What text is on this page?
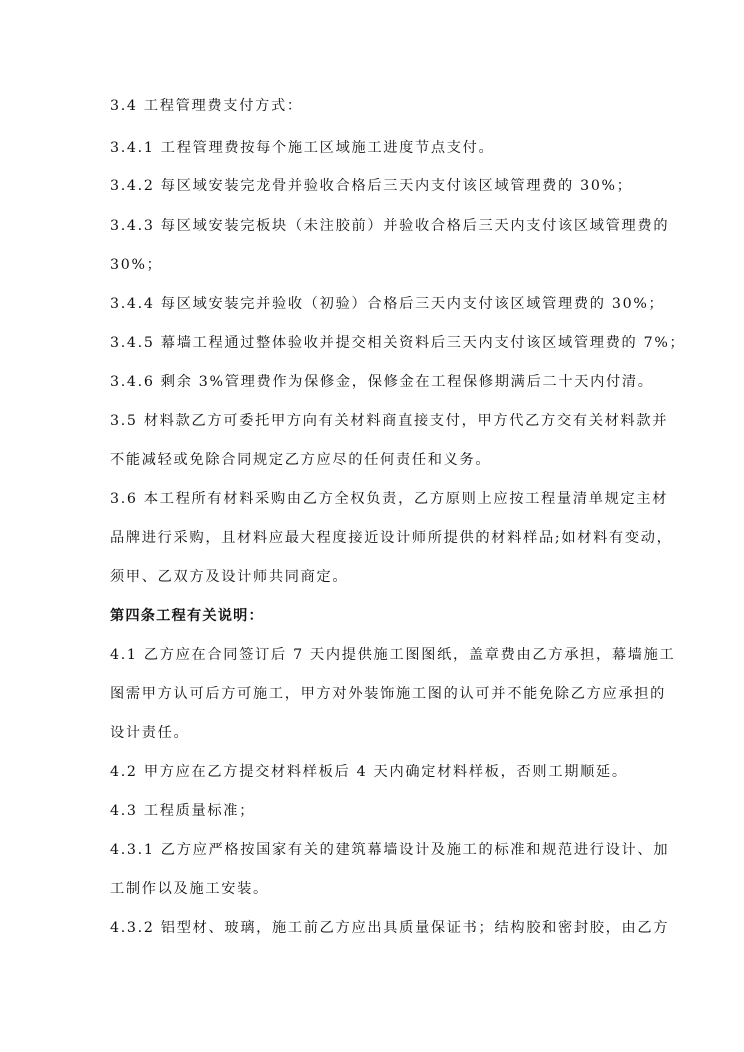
3.4 工程管理费支付方式：
3.4.1 工程管理费按每个施工区域施工进度节点支付。
3.4.2 每区域安装完龙骨并验收合格后三天内支付该区域管理费的 30%；
3.4.3 每区域安装完板块（未注胶前）并验收合格后三天内支付该区域管理费的
30%；
3.4.4 每区域安装完并验收（初验）合格后三天内支付该区域管理费的 30%；
3.4.5 幕墙工程通过整体验收并提交相关资料后三天内支付该区域管理费的 7%；
3.4.6 剩余 3%管理费作为保修金，保修金在工程保修期满后二十天内付清。
3.5 材料款乙方可委托甲方向有关材料商直接支付，甲方代乙方交有关材料款并
不能减轻或免除合同规定乙方应尽的任何责任和义务。
3.6 本工程所有材料采购由乙方全权负责，乙方原则上应按工程量清单规定主材
品牌进行采购，且材料应最大程度接近设计师所提供的材料样品;如材料有变动，
须甲、乙双方及设计师共同商定。
第四条工程有关说明：
4.1 乙方应在合同签订后 7 天内提供施工图图纸，盖章费由乙方承担，幕墙施工
图需甲方认可后方可施工，甲方对外装饰施工图的认可并不能免除乙方应承担的
设计责任。
4.2 甲方应在乙方提交材料样板后 4 天内确定材料样板，否则工期顺延。
4.3 工程质量标准；
4.3.1 乙方应严格按国家有关的建筑幕墙设计及施工的标准和规范进行设计、加
工制作以及施工安装。
4.3.2 铝型材、玻璃，施工前乙方应出具质量保证书；结构胶和密封胶，由乙方
